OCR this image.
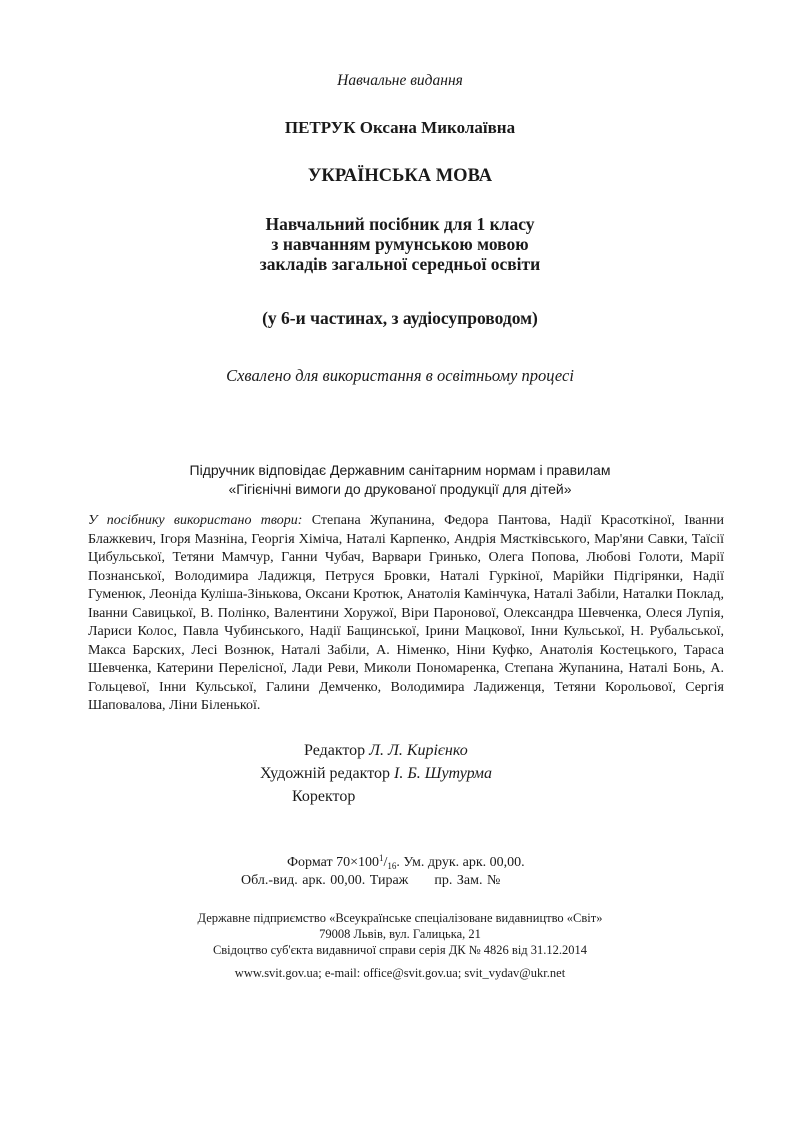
Навчальне видання
ПЕТРУК Оксана Миколаївна
УКРАЇНСЬКА МОВА
Навчальний посібник для 1 класу
з навчанням румунською мовою
закладів загальної середньої освіти
(у 6-и частинах, з аудіосупроводом)
Схвалено для використання в освітньому процесі
Підручник відповідає Державним санітарним нормам і правилам
«Гігієнічні вимоги до друкованої продукції для дітей»
У посібнику використано твори: Степана Жупанина, Федора Пантова, Надії Красоткіної, Іванни Блажкевич, Ігоря Мазніна, Георгія Хіміча, Наталі Карпенко, Андрія Мястківського, Мар'яни Савки, Таїсії Цибульської, Тетяни Мамчур, Ганни Чубач, Варвари Гринько, Олега Попова, Любові Голоти, Марії Познанської, Володимира Ладижця, Петруся Бровки, Наталі Гуркіної, Марійки Підгірянки, Надії Гуменюк, Леоніда Куліша-Зінькова, Оксани Кротюк, Анатолія Камінчука, Наталі Забіли, Наталки Поклад, Іванни Савицької, В. Полінко, Валентини Хоружої, Віри Паронової, Олександра Шевченка, Олеся Лупія, Лариси Колос, Павла Чубинського, Надії Бащинської, Ірини Мацкової, Інни Кульської, Н. Рубальської, Макса Барских, Лесі Вознюк, Наталі Забіли, А. Німенко, Ніни Куфко, Анатолія Костецького, Тараса Шевченка, Катерини Перелісної, Лади Реви, Миколи Пономаренка, Степана Жупанина, Наталі Бонь, А. Гольцевої, Інни Кульської, Галини Демченко, Володимира Ладиженця, Тетяни Корольової, Сергія Шаповалова, Ліни Біленької.
Редактор Л. Л. Кирієнко
Художній редактор І. Б. Шутурма
Коректор
Формат $70\times 100^1/_{16}$. Ум. друк. арк. 00,00.
Обл.-вид. арк. 00,00. Тираж пр. Зам. №
Державне підприємство «Всеукраїнське спеціалізоване видавництво «Світ»
79008 Львів, вул. Галицька, 21
Свідоцтво суб'єкта видавничої справи серія ДК № 4826 від 31.12.2014
www.svit.gov.ua; e-mail: office@svit.gov.ua; svit_vydav@ukr.net
